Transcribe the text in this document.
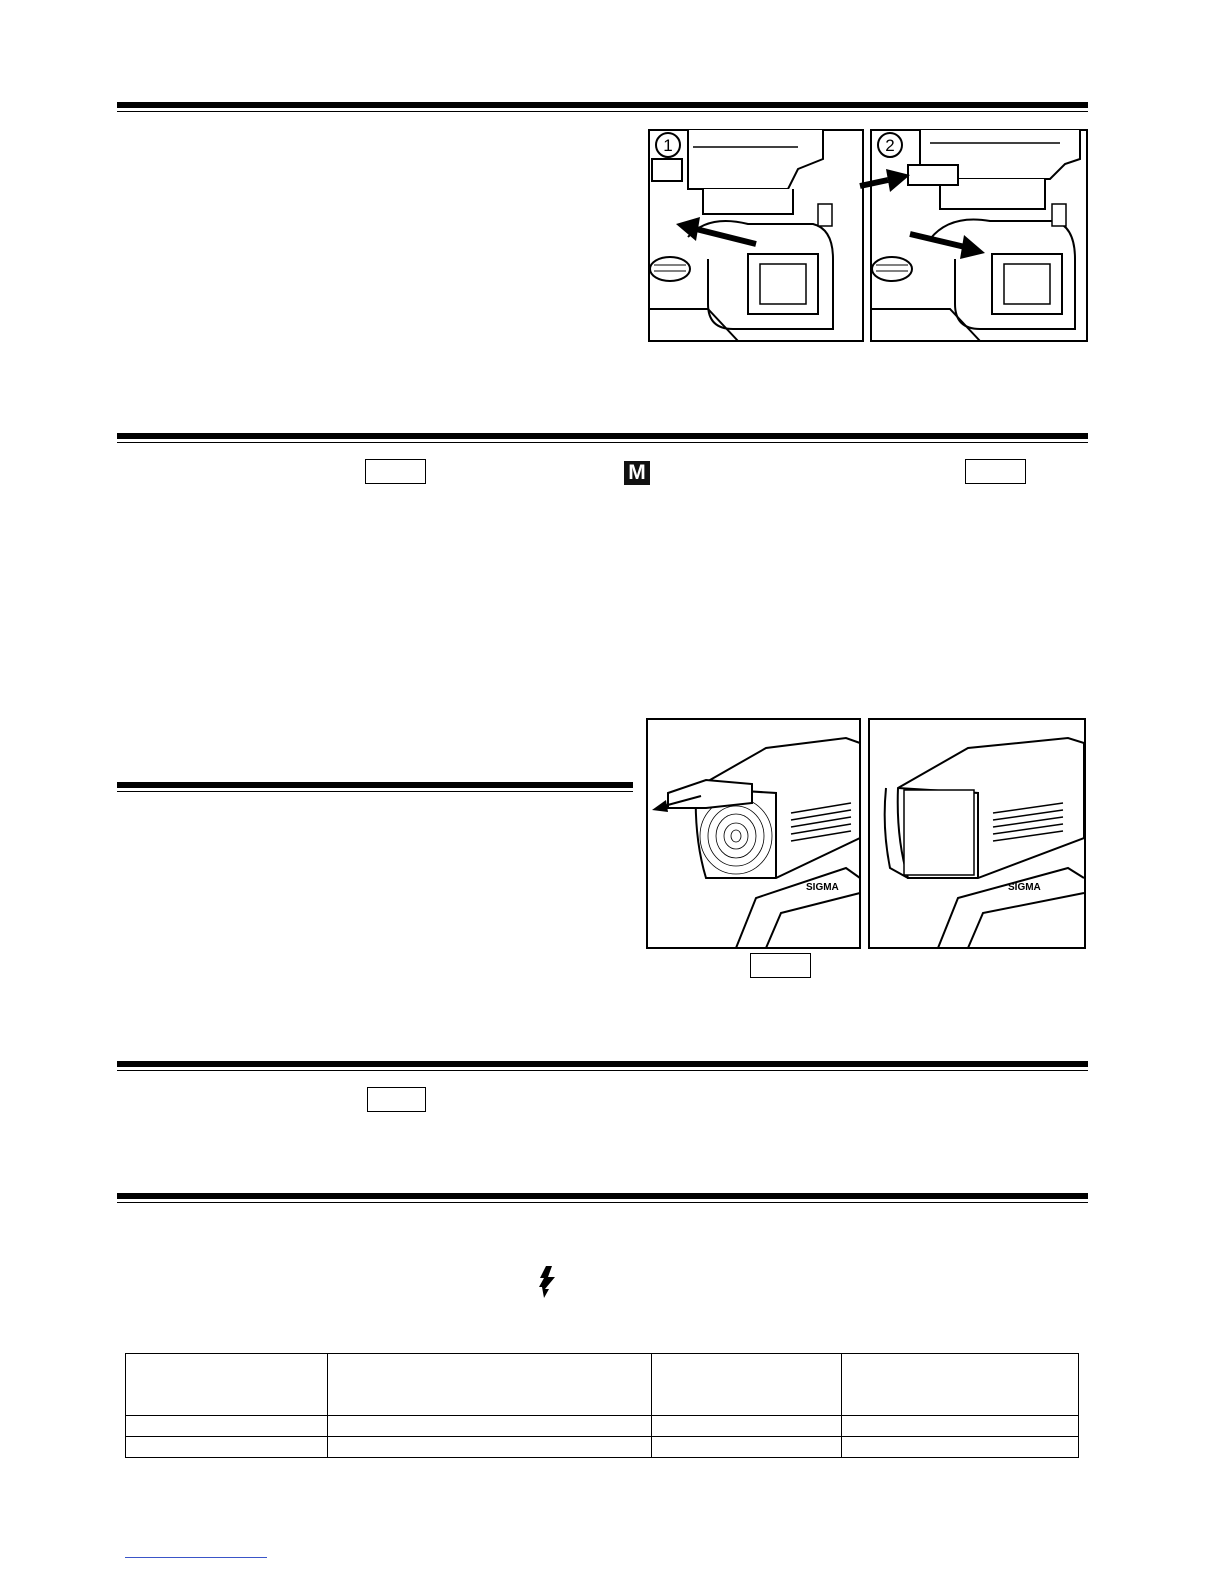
M
1	2
SIGMA	SIGMA
